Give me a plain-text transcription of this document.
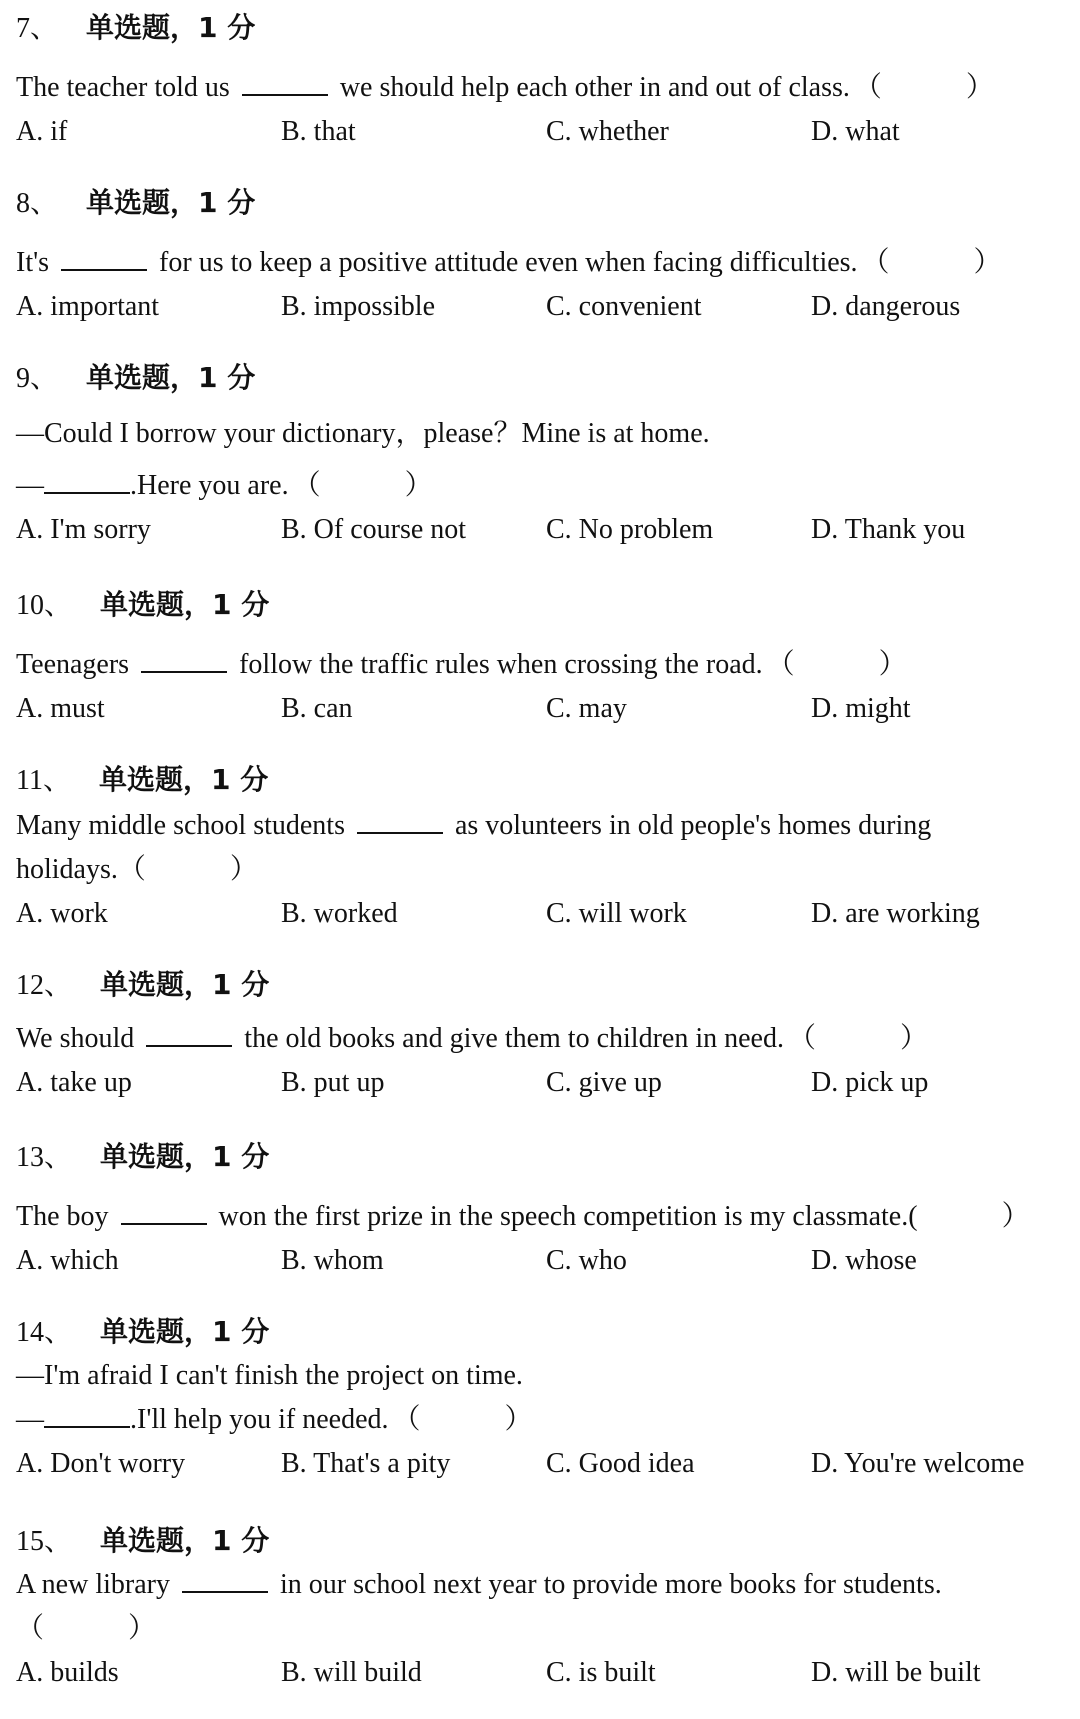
7、 单选题，1 分
The teacher told us	we should help each other in and out of class. （　　　）
A. if	B. that	C. whether	D. what
8、 单选题，1 分
It's	for us to keep a positive attitude even when facing difficulties. （　　　）
A. important	B. impossible	C. convenient	D. dangerous
9、 单选题，1 分
—Could I borrow your dictionary，please？Mine is at home.
—	.Here you are. （　　　）
A. I'm sorry	B. Of course not	C. No problem	D. Thank you
10、 单选题，1 分
Teenagers	follow the traffic rules when crossing the road. （　　　）
A. must	B. can	C. may	D. might
11、 单选题，1 分
Many middle school students	as volunteers in old people's homes during
holidays.（　　　）
A. work	B. worked	C. will work	D. are working
12、 单选题，1 分
We should	the old books and give them to children in need. （　　　）
A. take up	B. put up	C. give up	D. pick up
13、 单选题，1 分
The boy	won the first prize in the speech competition is my classmate.(　　　）
A. which	B. whom	C. who	D. whose
14、 单选题，1 分
—I'm afraid I can't finish the project on time.
—	.I'll help you if needed. （　　　）
A. Don't worry	B. That's a pity	C. Good idea	D. You're welcome
15、 单选题，1 分
A new library	in our school next year to provide more books for students.
（　　　）
A. builds	B. will build	C. is built	D. will be built
